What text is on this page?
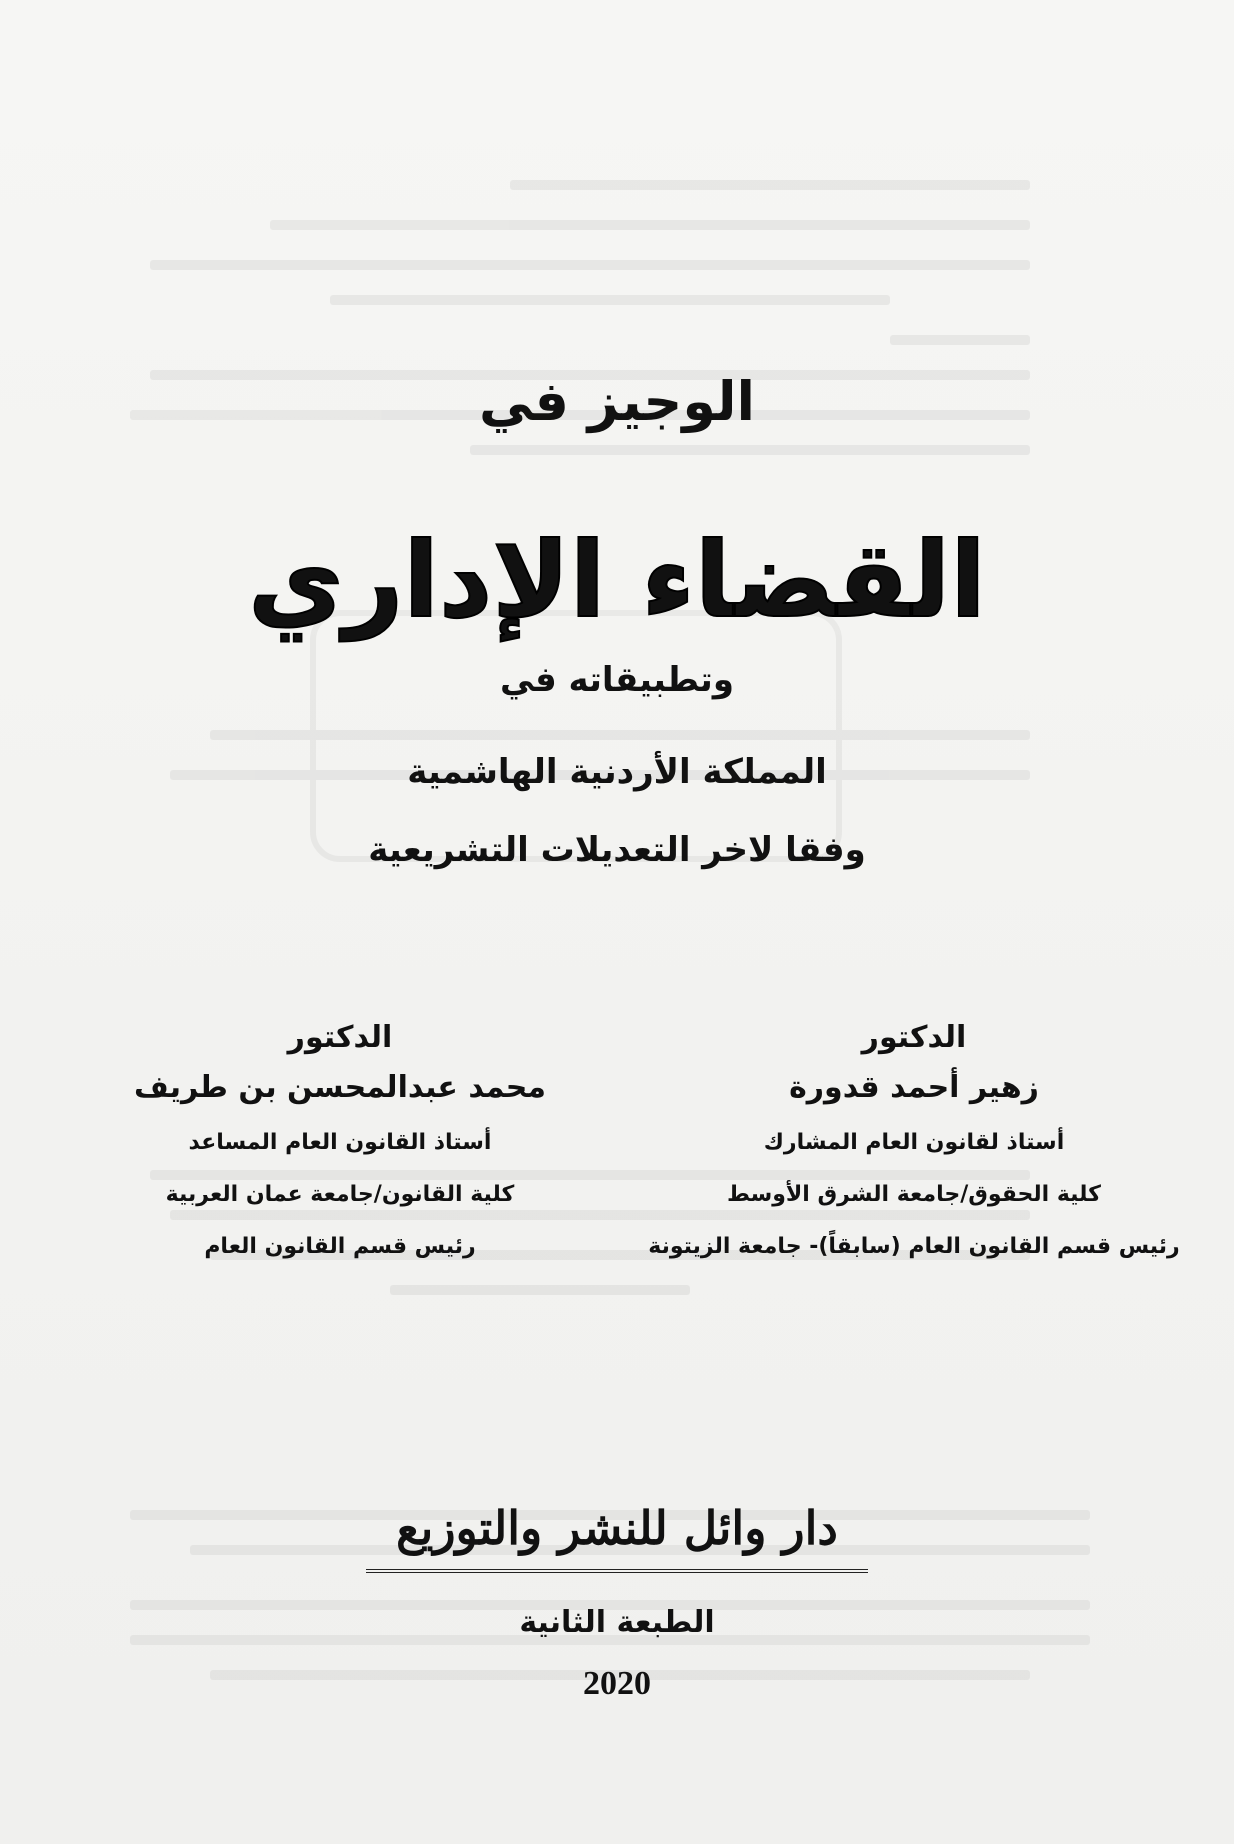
الوجيز في
القضاء الإداري
وتطبيقاته في
المملكة الأردنية الهاشمية
وفقا لاخر التعديلات التشريعية

الدكتور

زهير أحمد قدورة

أستاذ لقانون العام المشارك

كلية الحقوق/جامعة الشرق الأوسط

رئيس قسم القانون العام (سابقاً)- جامعة الزيتونة

الدكتور

محمد عبدالمحسن بن طريف

أستاذ القانون العام المساعد

كلية القانون/جامعة عمان العربية

رئيس قسم القانون العام

دار وائل للنشر والتوزيع
الطبعة الثانية
2020
